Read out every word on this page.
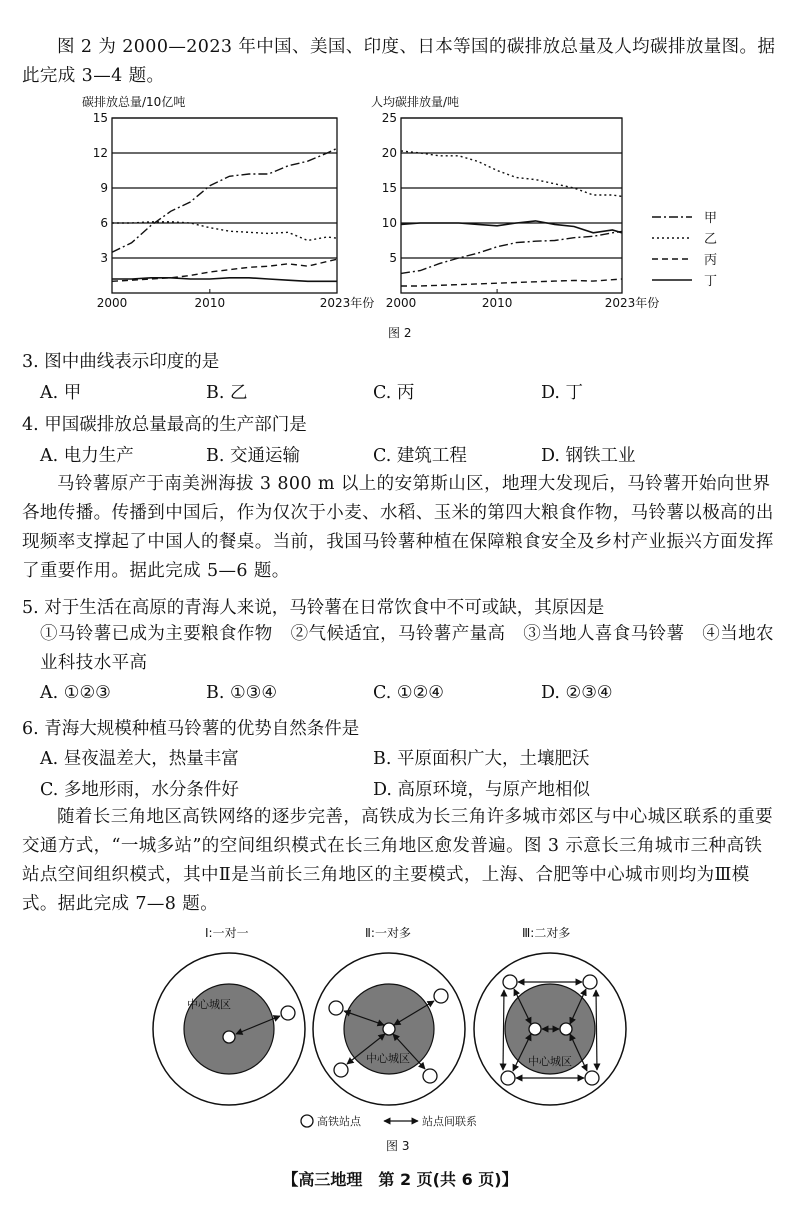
图 2 为 2000—2023 年中国、美国、印度、日本等国的碳排放总量及人均碳排放量图。据此完成 3—4 题。

3
6
9
12
15
2000	2010	2023年份
碳排放总量/10亿吨
5
10
15
20
25
2000	2010	2023年份
人均碳排放量/吨
甲
乙
丙
丁
图 2
3. 图中曲线表示印度的是
A. 甲	B. 乙	C. 丙	D. 丁
4. 甲国碳排放总量最高的生产部门是
A. 电力生产	B. 交通运输	C. 建筑工程	D. 钢铁工业

马铃薯原产于南美洲海拔 3 800 m 以上的安第斯山区，地理大发现后，马铃薯开始向世界各地传播。传播到中国后，作为仅次于小麦、水稻、玉米的第四大粮食作物，马铃薯以极高的出现频率支撑起了中国人的餐桌。当前，我国马铃薯种植在保障粮食安全及乡村产业振兴方面发挥了重要作用。据此完成 5—6 题。

5. 对于生活在高原的青海人来说，马铃薯在日常饮食中不可或缺，其原因是

①马铃薯已成为主要粮食作物　②气候适宜，马铃薯产量高　③当地人喜食马铃薯　④当地农业科技水平高

A. ①②③	B. ①③④	C. ①②④	D. ②③④
6. 青海大规模种植马铃薯的优势自然条件是
A. 昼夜温差大，热量丰富	B. 平原面积广大，土壤肥沃
C. 多地形雨，水分条件好	D. 高原环境，与原产地相似

随着长三角地区高铁网络的逐步完善，高铁成为长三角许多城市郊区与中心城区联系的重要交通方式，“一城多站”的空间组织模式在长三角地区愈发普遍。图 3 示意长三角城市三种高铁站点空间组织模式，其中Ⅱ是当前长三角地区的主要模式，上海、合肥等中心城市则均为Ⅲ模式。据此完成 7—8 题。

Ⅰ:一对一	Ⅱ:一对多	Ⅲ:二对多
中心城区
中心城区	中心城区
高铁站点	站点间联系
图 3
【高三地理　第 2 页(共 6 页)】
